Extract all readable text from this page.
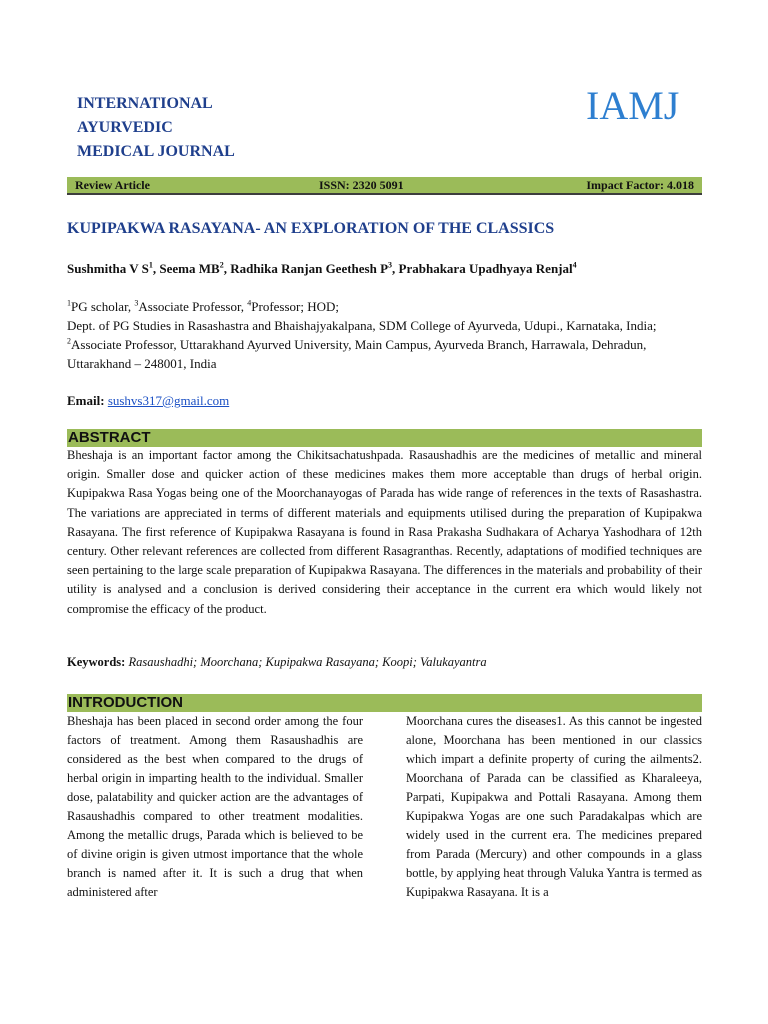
INTERNATIONAL
AYURVEDIC
MEDICAL JOURNAL
IAMJ
Review Article	ISSN: 2320 5091	Impact Factor: 4.018
KUPIPAKWA RASAYANA- AN EXPLORATION OF THE CLASSICS
Sushmitha V $S^1$, Seema $MB^2$, Radhika Ranjan Geethesh $P^3$, Prabhakara Upadhyaya Renjal$^4$

$^1$PG scholar, $^3$Associate Professor, $^4$Professor; HOD;

Dept. of PG Studies in Rasashastra and Bhaishajyakalpana, SDM College of Ayurveda, Udupi., Karnataka, India;

$^2$Associate Professor, Uttarakhand Ayurved University, Main Campus, Ayurveda Branch, Harrawala, Dehradun, Uttarakhand – 248001, India

Email: sushvs317@gmail.com
ABSTRACT
Bheshaja is an important factor among the Chikitsachatushpada. Rasaushadhis are the medicines of metallic and mineral origin. Smaller dose and quicker action of these medicines makes them more acceptable than drugs of herbal origin. Kupipakwa Rasa Yogas being one of the Moorchanayogas of Parada has wide range of references in the texts of Rasashastra. The variations are appreciated in terms of different materials and equipments utilised during the preparation of Kupipakwa Rasayana. The first reference of Kupipakwa Rasayana is found in Rasa Prakasha Sudhakara of Acharya Yashodhara of 12th century. Other relevant references are collected from different Rasagranthas. Recently, adaptations of modified techniques are seen pertaining to the large scale preparation of Kupipakwa Rasayana. The differences in the materials and probability of their utility is analysed and a conclusion is derived considering their acceptance in the current era which would likely not compromise the efficacy of the product.
Keywords: Rasaushadhi; Moorchana; Kupipakwa Rasayana; Koopi; Valukayantra
INTRODUCTION
Bheshaja has been placed in second order among the four factors of treatment. Among them Rasaushadhis are considered as the best when compared to the drugs of herbal origin in imparting health to the individual. Smaller dose, palatability and quicker action are the advantages of Rasaushadhis compared to other treatment modalities. Among the metallic drugs, Parada which is believed to be of divine origin is given utmost importance that the whole branch is named after it. It is such a drug that when administered after
Moorchana cures the diseases1. As this cannot be ingested alone, Moorchana has been mentioned in our classics which impart a definite property of curing the ailments2. Moorchana of Parada can be classified as Kharaleeya, Parpati, Kupipakwa and Pottali Rasayana. Among them Kupipakwa Yogas are one such Paradakalpas which are widely used in the current era. The medicines prepared from Parada (Mercury) and other compounds in a glass bottle, by applying heat through Valuka Yantra is termed as Kupipakwa Rasayana. It is a
